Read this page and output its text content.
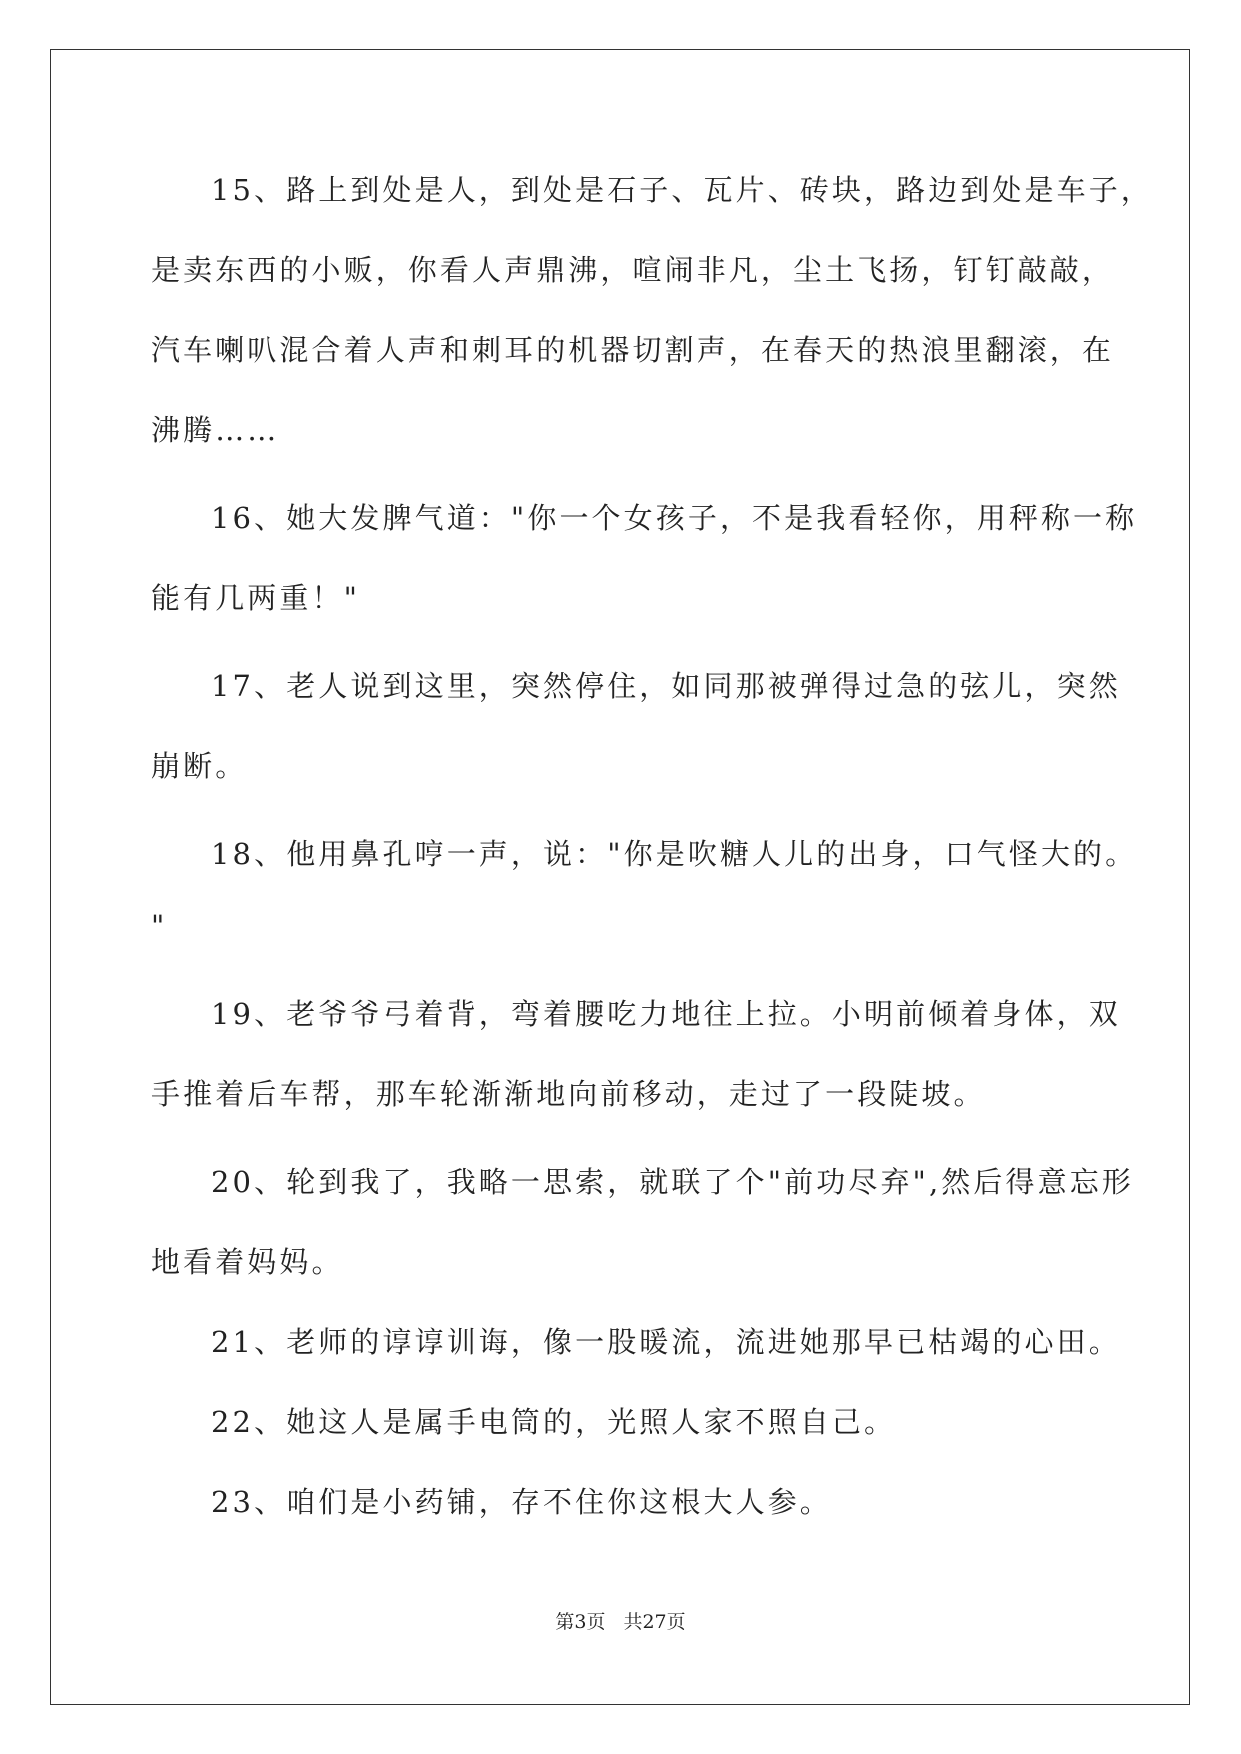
15、路上到处是人，到处是石子、瓦片、砖块，路边到处是车子，
是卖东西的小贩，你看人声鼎沸，喧闹非凡，尘土飞扬，钉钉敲敲，
汽车喇叭混合着人声和刺耳的机器切割声，在春天的热浪里翻滚，在
沸腾……
16、她大发脾气道："你一个女孩子，不是我看轻你，用秤称一称
能有几两重！"
17、老人说到这里，突然停住，如同那被弹得过急的弦儿，突然
崩断。
18、他用鼻孔哼一声，说："你是吹糖人儿的出身，口气怪大的。
"
19、老爷爷弓着背，弯着腰吃力地往上拉。小明前倾着身体，双
手推着后车帮，那车轮渐渐地向前移动，走过了一段陡坡。
20、轮到我了，我略一思索，就联了个"前功尽弃",然后得意忘形
地看着妈妈。
21、老师的谆谆训诲，像一股暖流，流进她那早已枯竭的心田。
22、她这人是属手电筒的，光照人家不照自己。
23、咱们是小药铺，存不住你这根大人参。
第3页 共27页
